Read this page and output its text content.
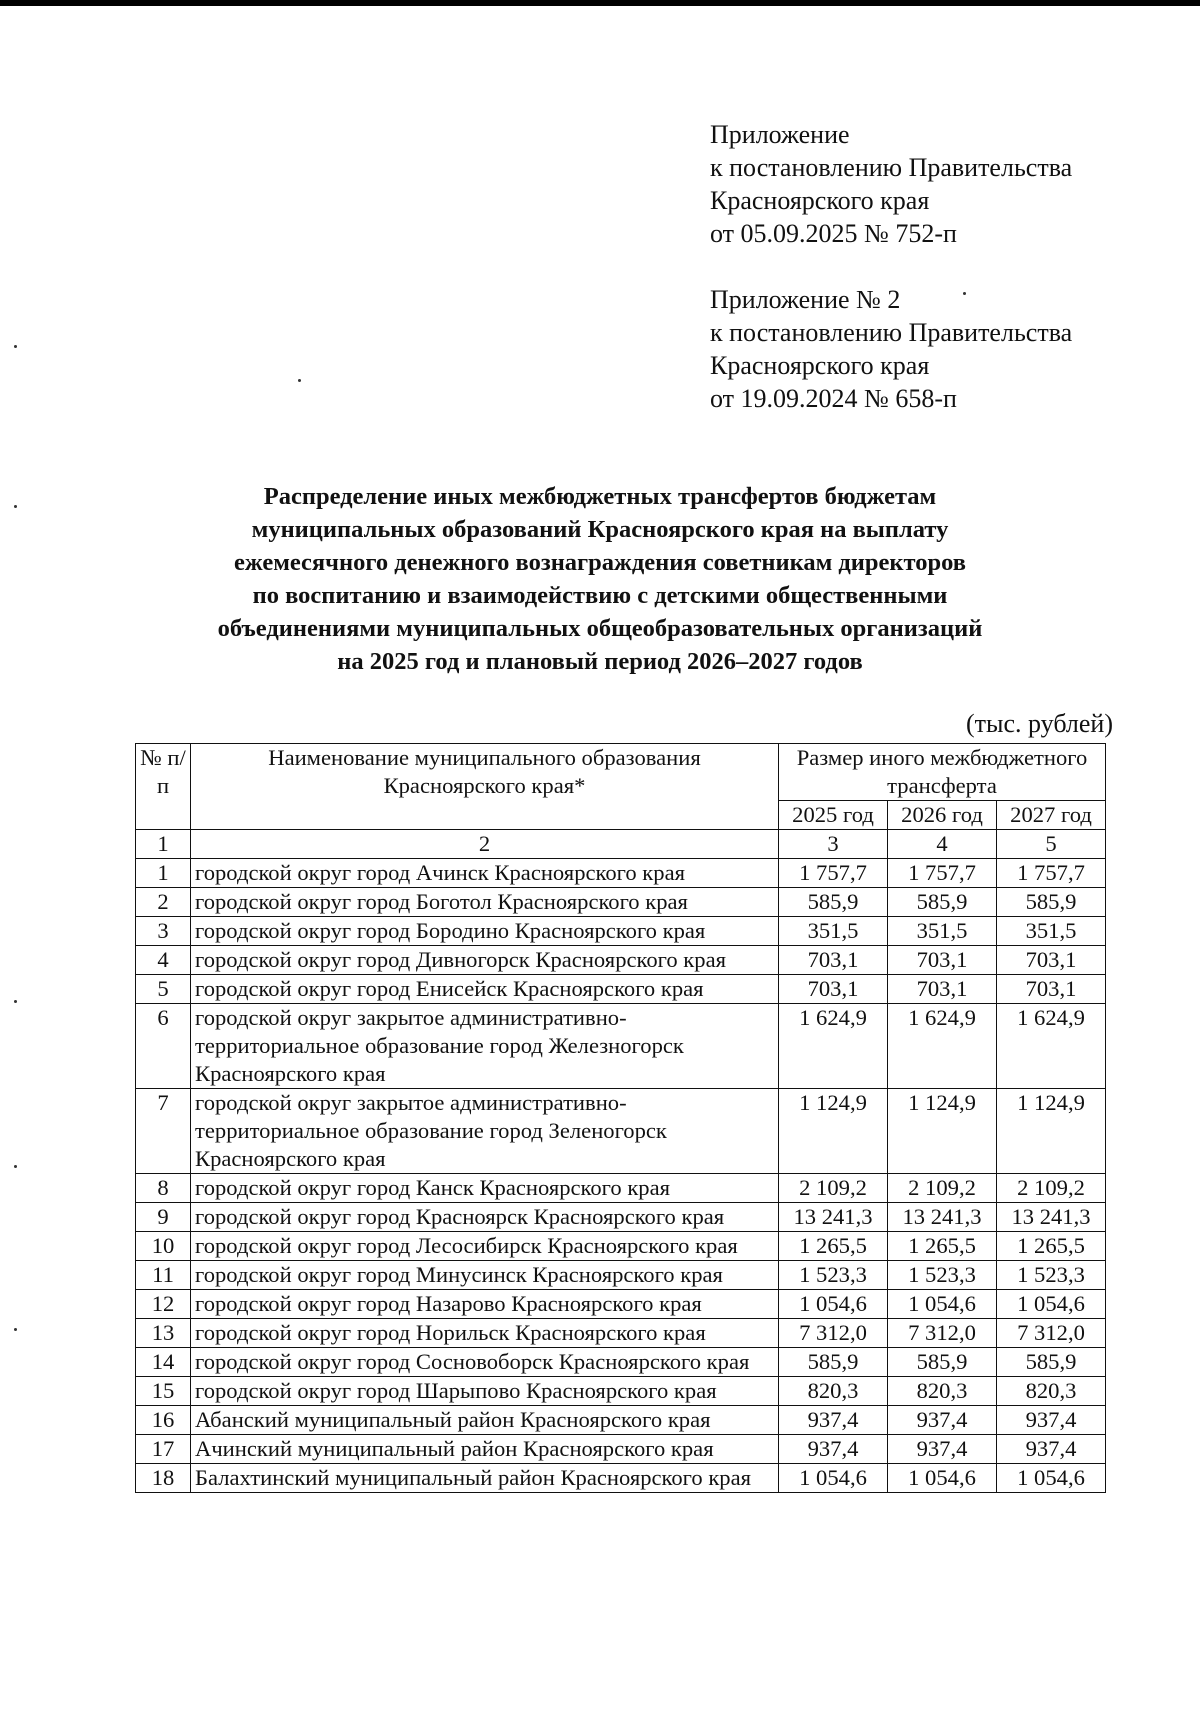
Приложение
к постановлению Правительства
Красноярского края
от 05.09.2025 № 752-п
Приложение № 2
к постановлению Правительства
Красноярского края
от 19.09.2024 № 658-п
Распределение иных межбюджетных трансфертов бюджетам
муниципальных образований Красноярского края на выплату
ежемесячного денежного вознаграждения советникам директоров
по воспитанию и взаимодействию с детскими общественными
объединениями муниципальных общеобразовательных организаций
на 2025 год и плановый период 2026–2027 годов
(тыс. рублей)
№ п/п	Наименование муниципального образования Красноярского края*	Размер иного межбюджетного трансферта		
		2025 год	2026 год	2027 год
1	2	3	4	5
1	городской округ город Ачинск Красноярского края	1 757,7	1 757,7	1 757,7
2	городской округ город Боготол Красноярского края	585,9	585,9	585,9
3	городской округ город Бородино Красноярского края	351,5	351,5	351,5
4	городской округ город Дивногорск Красноярского края	703,1	703,1	703,1
5	городской округ город Енисейск Красноярского края	703,1	703,1	703,1
6	городской округ закрытое административно-территориальное образование город Железногорск Красноярского края	1 624,9	1 624,9	1 624,9
7	городской округ закрытое административно-территориальное образование город Зеленогорск Красноярского края	1 124,9	1 124,9	1 124,9
8	городской округ город Канск Красноярского края	2 109,2	2 109,2	2 109,2
9	городской округ город Красноярск Красноярского края	13 241,3	13 241,3	13 241,3
10	городской округ город Лесосибирск Красноярского края	1 265,5	1 265,5	1 265,5
11	городской округ город Минусинск Красноярского края	1 523,3	1 523,3	1 523,3
12	городской округ город Назарово Красноярского края	1 054,6	1 054,6	1 054,6
13	городской округ город Норильск Красноярского края	7 312,0	7 312,0	7 312,0
14	городской округ город Сосновоборск Красноярского края	585,9	585,9	585,9
15	городской округ город Шарыпово Красноярского края	820,3	820,3	820,3
16	Абанский муниципальный район Красноярского края	937,4	937,4	937,4
17	Ачинский муниципальный район Красноярского края	937,4	937,4	937,4
18	Балахтинский муниципальный район Красноярского края	1 054,6	1 054,6	1 054,6
